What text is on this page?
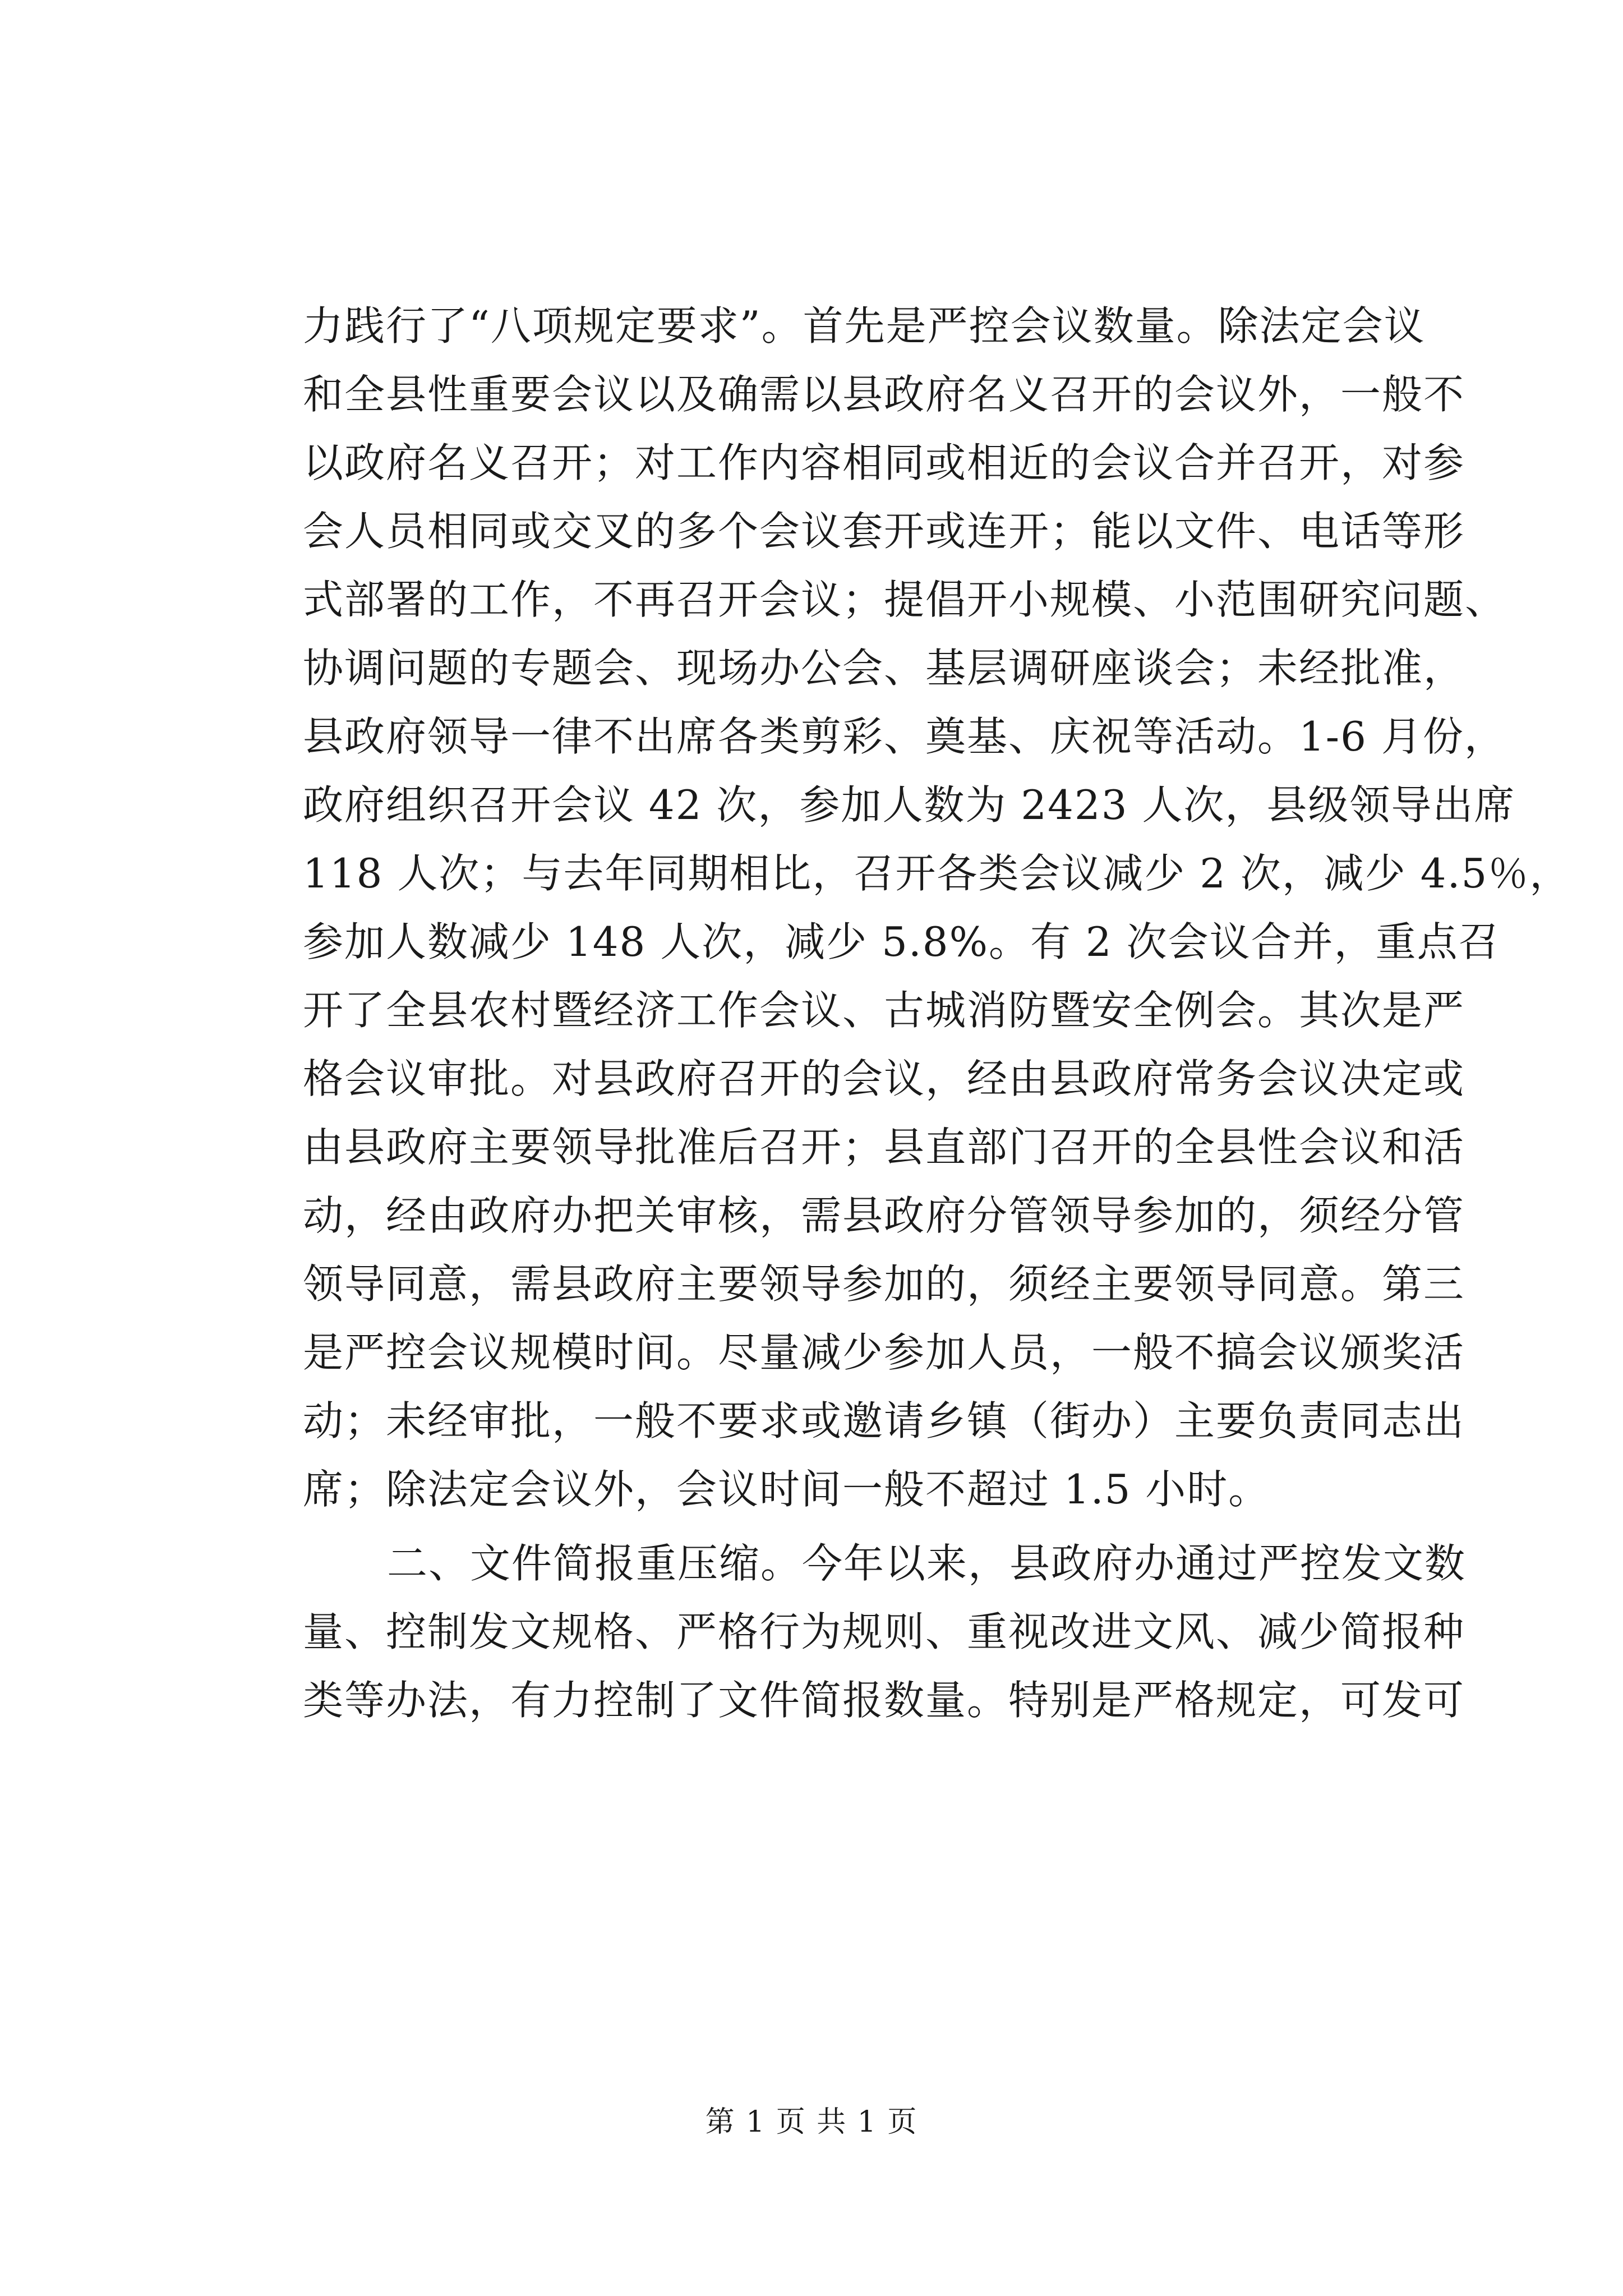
力践行了“八项规定要求”。首先是严控会议数量。除法定会议
和全县性重要会议以及确需以县政府名义召开的会议外，一般不
以政府名义召开；对工作内容相同或相近的会议合并召开，对参
会人员相同或交叉的多个会议套开或连开；能以文件、电话等形
式部署的工作，不再召开会议；提倡开小规模、小范围研究问题、
协调问题的专题会、现场办公会、基层调研座谈会；未经批准，
县政府领导一律不出席各类剪彩、奠基、庆祝等活动。1-6 月份，
政府组织召开会议 42 次，参加人数为 2423 人次，县级领导出席
118 人次；与去年同期相比，召开各类会议减少 2 次，减少 4.5％，
参加人数减少 148 人次，减少 5.8%。有 2 次会议合并，重点召
开了全县农村暨经济工作会议、古城消防暨安全例会。其次是严
格会议审批。对县政府召开的会议，经由县政府常务会议决定或
由县政府主要领导批准后召开；县直部门召开的全县性会议和活
动，经由政府办把关审核，需县政府分管领导参加的，须经分管
领导同意，需县政府主要领导参加的，须经主要领导同意。第三
是严控会议规模时间。尽量减少参加人员，一般不搞会议颁奖活
动；未经审批，一般不要求或邀请乡镇（街办）主要负责同志出
席；除法定会议外，会议时间一般不超过 1.5 小时。
二、文件简报重压缩。今年以来，县政府办通过严控发文数
量、控制发文规格、严格行为规则、重视改进文风、减少简报种
类等办法，有力控制了文件简报数量。特别是严格规定，可发可
第 1 页 共 1 页
